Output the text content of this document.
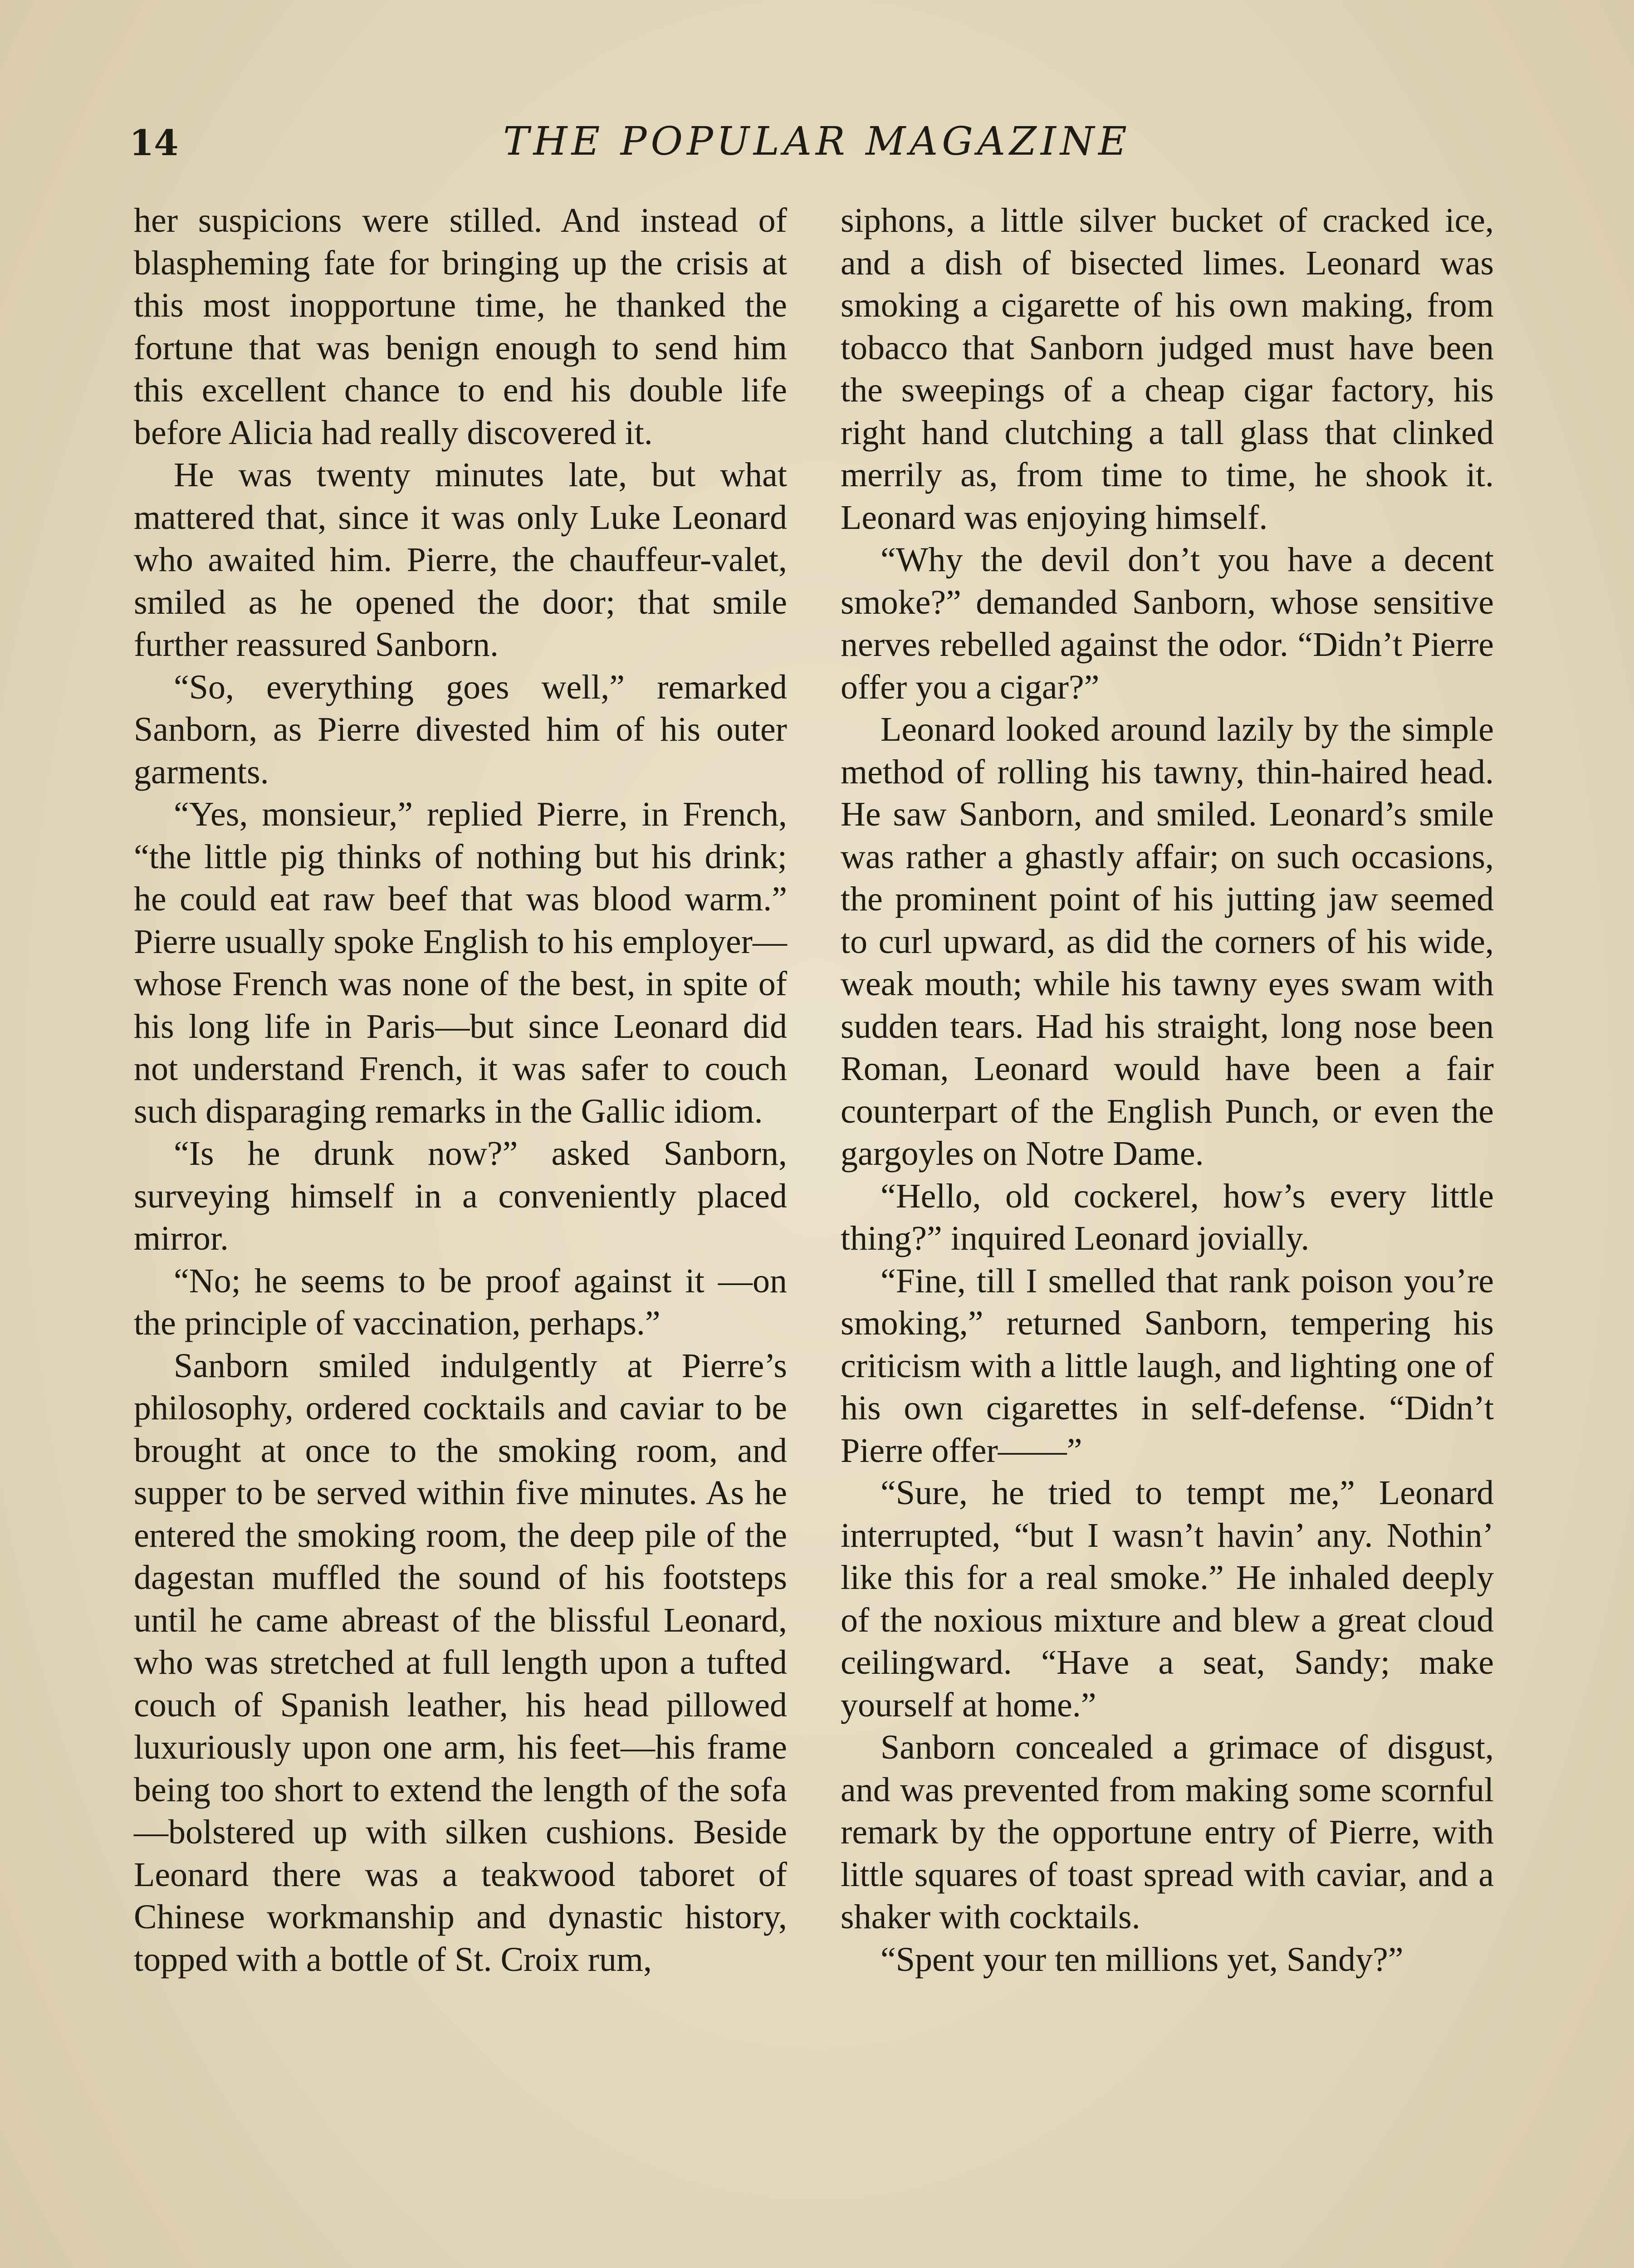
14	THE POPULAR MAGAZINE

her suspicions were stilled. And instead of blaspheming fate for bringing up the crisis at this most inopportune time, he thanked the fortune that was benign enough to send him this excellent chance to end his double life before Alicia had really discovered it.

He was twenty minutes late, but what mattered that, since it was only Luke Leonard who awaited him. Pierre, the chauffeur-valet, smiled as he opened the door; that smile further reassured Sanborn.

“So, everything goes well,” remarked Sanborn, as Pierre divested him of his outer garments.

“Yes, monsieur,” replied Pierre, in French, “the little pig thinks of nothing but his drink; he could eat raw beef that was blood warm.” Pierre usually spoke English to his employer—whose French was none of the best, in spite of his long life in Paris—but since Leonard did not understand French, it was safer to couch such disparaging remarks in the Gallic idiom.

“Is he drunk now?” asked Sanborn, surveying himself in a conveniently placed mirror.

“No; he seems to be proof against it —on the principle of vaccination, perhaps.”

Sanborn smiled indulgently at Pierre’s philosophy, ordered cocktails and caviar to be brought at once to the smoking room, and supper to be served within five minutes. As he entered the smoking room, the deep pile of the dagestan muffled the sound of his footsteps until he came abreast of the blissful Leonard, who was stretched at full length upon a tufted couch of Spanish leather, his head pillowed luxuriously upon one arm, his feet—his frame being too short to extend the length of the sofa—bolstered up with silken cushions. Beside Leonard there was a teakwood taboret of Chinese workmanship and dynastic history, topped with a bottle of St. Croix rum,

siphons, a little silver bucket of cracked ice, and a dish of bisected limes. Leonard was smoking a cigarette of his own making, from tobacco that Sanborn judged must have been the sweepings of a cheap cigar factory, his right hand clutching a tall glass that clinked merrily as, from time to time, he shook it. Leonard was enjoying himself.

“Why the devil don’t you have a decent smoke?” demanded Sanborn, whose sensitive nerves rebelled against the odor. “Didn’t Pierre offer you a cigar?”

Leonard looked around lazily by the simple method of rolling his tawny, thin-haired head. He saw Sanborn, and smiled. Leonard’s smile was rather a ghastly affair; on such occasions, the prominent point of his jutting jaw seemed to curl upward, as did the corners of his wide, weak mouth; while his tawny eyes swam with sudden tears. Had his straight, long nose been Roman, Leonard would have been a fair counterpart of the English Punch, or even the gargoyles on Notre Dame.

“Hello, old cockerel, how’s every little thing?” inquired Leonard jovially.

“Fine, till I smelled that rank poison you’re smoking,” returned Sanborn, tempering his criticism with a little laugh, and lighting one of his own cigarettes in self-defense. “Didn’t Pierre offer——”

“Sure, he tried to tempt me,” Leonard interrupted, “but I wasn’t havin’ any. Nothin’ like this for a real smoke.” He inhaled deeply of the noxious mixture and blew a great cloud ceilingward. “Have a seat, Sandy; make yourself at home.”

Sanborn concealed a grimace of disgust, and was prevented from making some scornful remark by the opportune entry of Pierre, with little squares of toast spread with caviar, and a shaker with cocktails.

“Spent your ten millions yet, Sandy?”
